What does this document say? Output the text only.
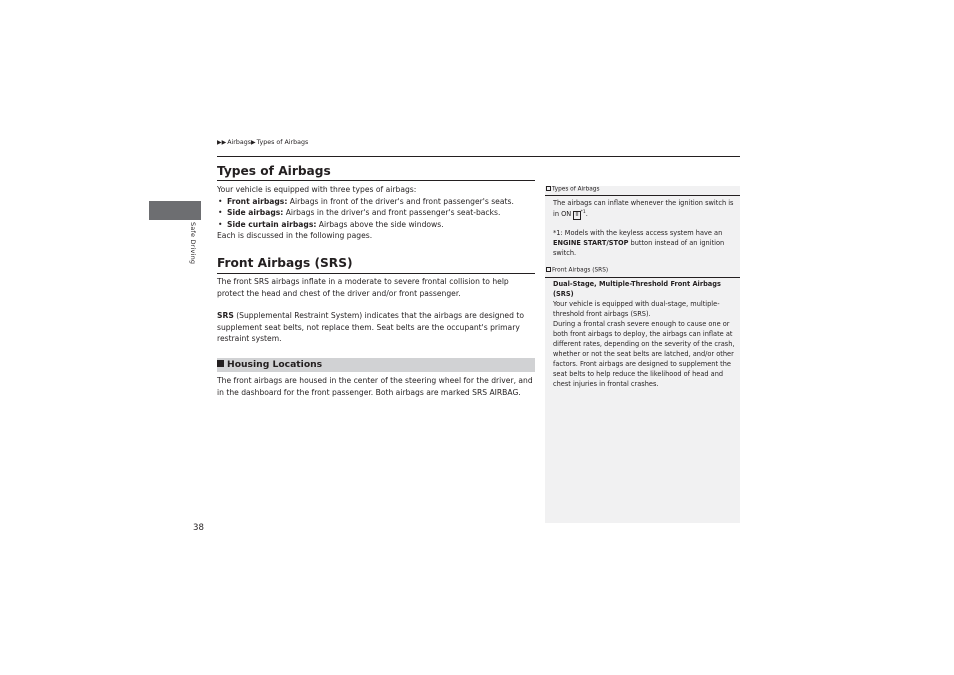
Safe Driving
▶▶Airbags▶Types of Airbags
Types of Airbags
Your vehicle is equipped with three types of airbags:
• Front airbags: Airbags in front of the driver's and front passenger's seats.
• Side airbags: Airbags in the driver's and front passenger's seat-backs.
• Side curtain airbags: Airbags above the side windows.
Each is discussed in the following pages.
Front Airbags (SRS)
The front SRS airbags inflate in a moderate to severe frontal collision to help protect the head and chest of the driver and/or front passenger.
SRS (Supplemental Restraint System) indicates that the airbags are designed to supplement seat belts, not replace them. Seat belts are the occupant's primary restraint system.
Housing Locations
The front airbags are housed in the center of the steering wheel for the driver, and in the dashboard for the front passenger. Both airbags are marked SRS AIRBAG.
Types of Airbags
The airbags can inflate whenever the ignition switch is in ON II $^{*1}$.
*1: Models with the keyless access system have an ENGINE START/STOP button instead of an ignition switch.
Front Airbags (SRS)
Dual-Stage, Multiple-Threshold Front Airbags (SRS)
Your vehicle is equipped with dual-stage, multiple-threshold front airbags (SRS).
During a frontal crash severe enough to cause one or both front airbags to deploy, the airbags can inflate at different rates, depending on the severity of the crash, whether or not the seat belts are latched, and/or other factors. Front airbags are designed to supplement the seat belts to help reduce the likelihood of head and chest injuries in frontal crashes.
38
